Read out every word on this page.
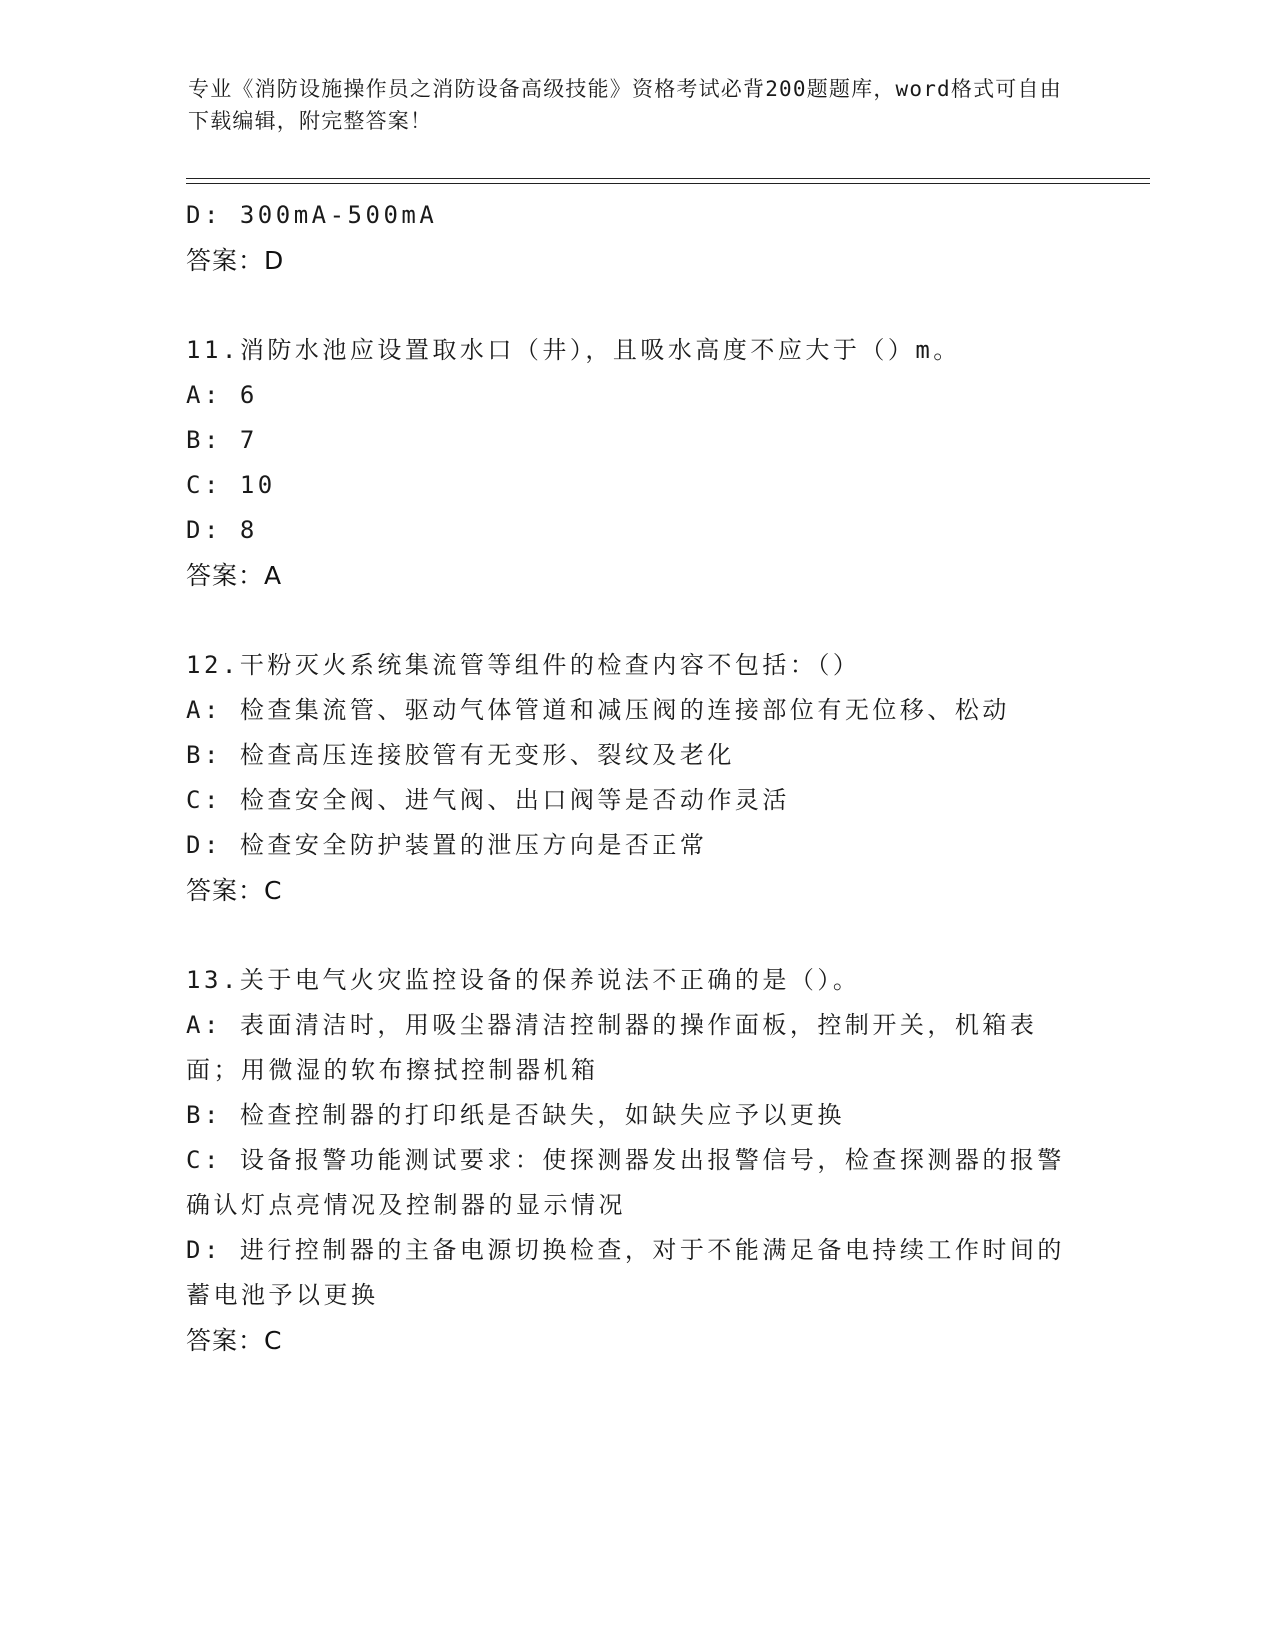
专业《消防设施操作员之消防设备高级技能》资格考试必背200题题库，word格式可自由下载编辑，附完整答案！
D: 300mA-500mA
答案：D
11.消防水池应设置取水口（井），且吸水高度不应大于（）m。
A: 6
B: 7
C: 10
D: 8
答案：A
12.干粉灭火系统集流管等组件的检查内容不包括：（）
A: 检查集流管、驱动气体管道和减压阀的连接部位有无位移、松动
B: 检查高压连接胶管有无变形、裂纹及老化
C: 检查安全阀、进气阀、出口阀等是否动作灵活
D: 检查安全防护装置的泄压方向是否正常
答案：C
13.关于电气火灾监控设备的保养说法不正确的是（）。
A: 表面清洁时，用吸尘器清洁控制器的操作面板，控制开关，机箱表面；用微湿的软布擦拭控制器机箱
B: 检查控制器的打印纸是否缺失，如缺失应予以更换
C: 设备报警功能测试要求：使探测器发出报警信号，检查探测器的报警确认灯点亮情况及控制器的显示情况
D: 进行控制器的主备电源切换检查，对于不能满足备电持续工作时间的蓄电池予以更换
答案：C
